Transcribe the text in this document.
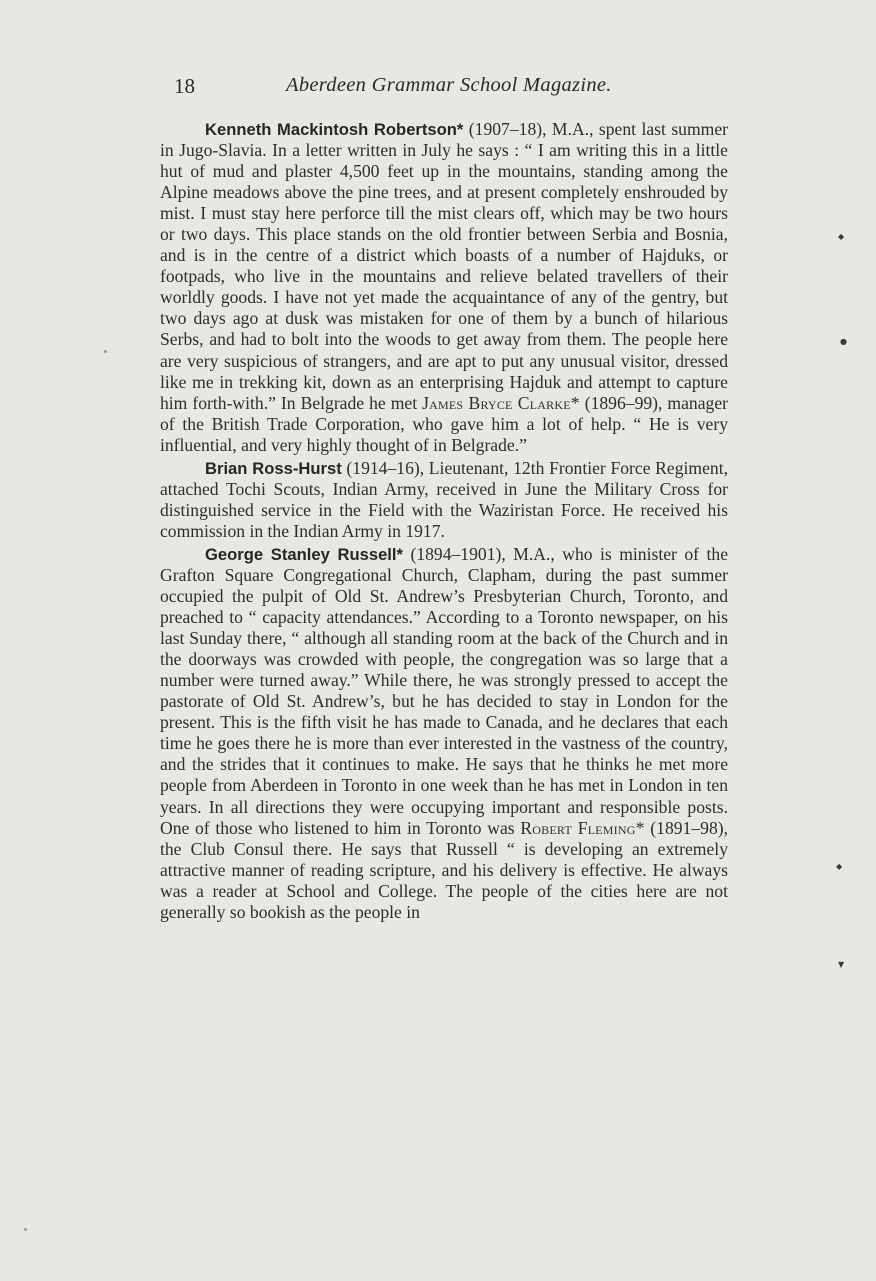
18	Aberdeen Grammar School Magazine.

Kenneth Mackintosh Robertson* (1907–18), M.A., spent last summer in Jugo-Slavia. In a letter written in July he says : “ I am writing this in a little hut of mud and plaster 4,500 feet up in the mountains, standing among the Alpine meadows above the pine trees, and at present completely enshrouded by mist. I must stay here perforce till the mist clears off, which may be two hours or two days. This place stands on the old frontier between Serbia and Bosnia, and is in the centre of a district which boasts of a number of Hajduks, or footpads, who live in the mountains and relieve belated travellers of their worldly goods. I have not yet made the acquaintance of any of the gentry, but two days ago at dusk was mistaken for one of them by a bunch of hilarious Serbs, and had to bolt into the woods to get away from them. The people here are very suspicious of strangers, and are apt to put any unusual visitor, dressed like me in trekking kit, down as an enterprising Hajduk and attempt to capture him forth-with.” In Belgrade he met James Bryce Clarke* (1896–99), manager of the British Trade Corporation, who gave him a lot of help. “ He is very influential, and very highly thought of in Belgrade.”

Brian Ross-Hurst (1914–16), Lieutenant, 12th Frontier Force Regiment, attached Tochi Scouts, Indian Army, received in June the Military Cross for distinguished service in the Field with the Waziristan Force. He received his commission in the Indian Army in 1917.

George Stanley Russell* (1894–1901), M.A., who is minister of the Grafton Square Congregational Church, Clapham, during the past summer occupied the pulpit of Old St. Andrew’s Presbyterian Church, Toronto, and preached to “ capacity attendances.” According to a Toronto newspaper, on his last Sunday there, “ although all standing room at the back of the Church and in the doorways was crowded with people, the congregation was so large that a number were turned away.” While there, he was strongly pressed to accept the pastorate of Old St. Andrew’s, but he has decided to stay in London for the present. This is the fifth visit he has made to Canada, and he declares that each time he goes there he is more than ever interested in the vastness of the country, and the strides that it continues to make. He says that he thinks he met more people from Aberdeen in Toronto in one week than he has met in London in ten years. In all directions they were occupying important and responsible posts. One of those who listened to him in Toronto was Robert Fleming* (1891–98), the Club Consul there. He says that Russell “ is developing an extremely attractive manner of reading scripture, and his delivery is effective. He always was a reader at School and College. The people of the cities here are not generally so bookish as the people in

◆
●
◆
▼
